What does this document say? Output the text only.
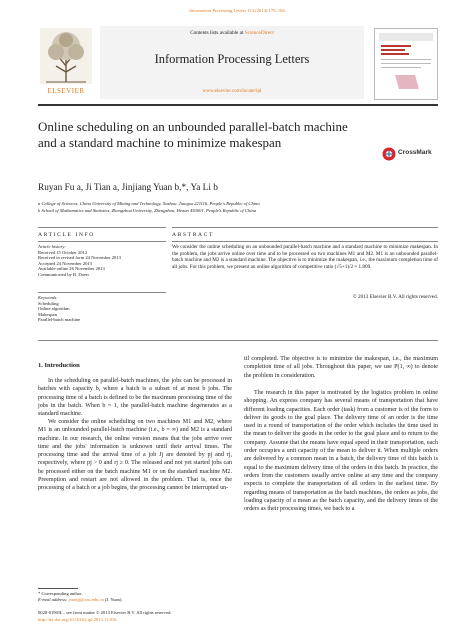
Information Processing Letters 114 (2014) 179–184
ELSEVIER
Contents lists available at ScienceDirect
Information Processing Letters
www.elsevier.com/locate/ipl
Online scheduling on an unbounded parallel-batch machine
and a standard machine to minimize makespan
CrossMark
Ruyan Fu a, Ji Tian a, Jinjiang Yuan b,*, Ya Li b
a College of Sciences, China University of Mining and Technology, Xuzhou, Jiangsu 221116, People's Republic of China
b School of Mathematics and Statistics, Zhengzhou University, Zhengzhou, Henan 450001, People's Republic of China
ARTICLE INFO	ABSTRACT
Article history:
Received 15 October 2012
Received in revised form 24 November 2013
Accepted 24 November 2013
Available online 26 November 2013
Communicated by B. Doerr
Keywords:
Scheduling
Online algorithm
Makespan
Parallel-batch machine
We consider the online scheduling on an unbounded parallel-batch machine and a standard machine to minimize makespan. In the problem, the jobs arrive online over time and to be processed on two machines M1 and M2. M1 is an unbounded parallel-batch machine and M2 is a standard machine. The objective is to minimize the makespan, i.e., the maximum completion time of all jobs. For this problem, we present an online algorithm of competitive ratio (√5+1)/2 ≈ 1.809.
© 2013 Elsevier B.V. All rights reserved.
1. Introduction
In the scheduling on parallel-batch machines, the jobs can be processed in batches with capacity b, where a batch is a subset of at most b jobs. The processing time of a batch is defined to be the maximum processing time of the jobs in the batch. When b = 1, the parallel-batch machine degenerates as a standard machine.
We consider the online scheduling on two machines M1 and M2, where M1 is an unbounded parallel-batch machine (i.e., b = ∞) and M2 is a standard machine. In our research, the online version means that the jobs arrive over time and the jobs' information is unknown until their arrival times. The processing time and the arrival time of a job Jj are denoted by pj and rj, respectively, where pj > 0 and rj ≥ 0. The released and not yet started jobs can be processed either on the batch machine M1 or on the standard machine M2. Preemption and restart are not allowed in the problem. That is, once the processing of a batch or a job begins, the processing cannot be interrupted un-
til completed. The objective is to minimize the makespan, i.e., the maximum completion time of all jobs. Throughout this paper, we use P(1, ∞) to denote the problem in consideration.
The research in this paper is motivated by the logistics problem in online shopping. An express company has several means of transportation that have different loading capacities. Each order (task) from a customer is of the form to deliver its goods to the goal place. The delivery time of an order is the time used in a round of transportation of the order which includes the time used in the mean to deliver the goods in the order to the goal place and to return to the company. Assume that the means have equal speed in their transportation, each order occupies a unit capacity of the mean to deliver it. When multiple orders are delivered by a common mean in a batch, the delivery time of this batch is equal to the maximum delivery time of the orders in this batch. In practice, the orders from the customers usually arrive online at any time and the company expects to complete the transportation of all orders in the earliest time. By regarding means of transportation as the batch machines, the orders as jobs, the loading capacity of a mean as the batch capacity, and the delivery times of the orders as their processing times, we back to a
* Corresponding author.
E-mail address: yuanjj@zzu.edu.cn (J. Yuan).
0020-0190/$ – see front matter © 2013 Elsevier B.V. All rights reserved.
http://dx.doi.org/10.1016/j.ipl.2013.11.016
